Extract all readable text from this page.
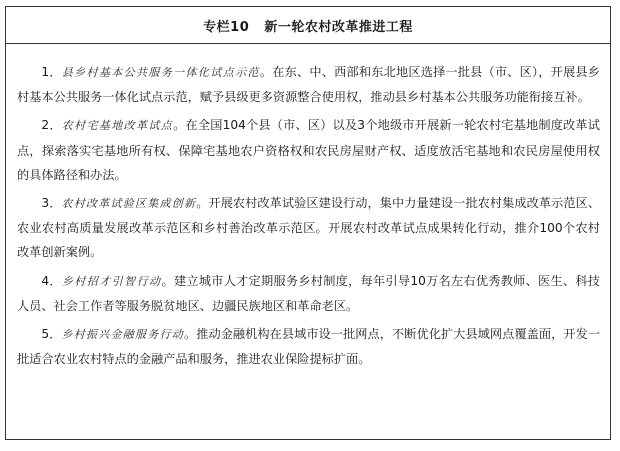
专栏10   新一轮农村改革推进工程

1．县乡村基本公共服务一体化试点示范。在东、中、西部和东北地区选择一批县（市、区），开展县乡村基本公共服务一体化试点示范，赋予县级更多资源整合使用权，推动县乡村基本公共服务功能衔接互补。

2．农村宅基地改革试点。在全国104个县（市、区）以及3个地级市开展新一轮农村宅基地制度改革试点，探索落实宅基地所有权、保障宅基地农户资格权和农民房屋财产权、适度放活宅基地和农民房屋使用权的具体路径和办法。

3．农村改革试验区集成创新。开展农村改革试验区建设行动，集中力量建设一批农村集成改革示范区、农业农村高质量发展改革示范区和乡村善治改革示范区。开展农村改革试点成果转化行动，推介100个农村改革创新案例。

4．乡村招才引智行动。建立城市人才定期服务乡村制度，每年引导10万名左右优秀教师、医生、科技人员、社会工作者等服务脱贫地区、边疆民族地区和革命老区。

5．乡村振兴金融服务行动。推动金融机构在县域市设一批网点，不断优化扩大县域网点覆盖面，开发一批适合农业农村特点的金融产品和服务，推进农业保险提标扩面。
